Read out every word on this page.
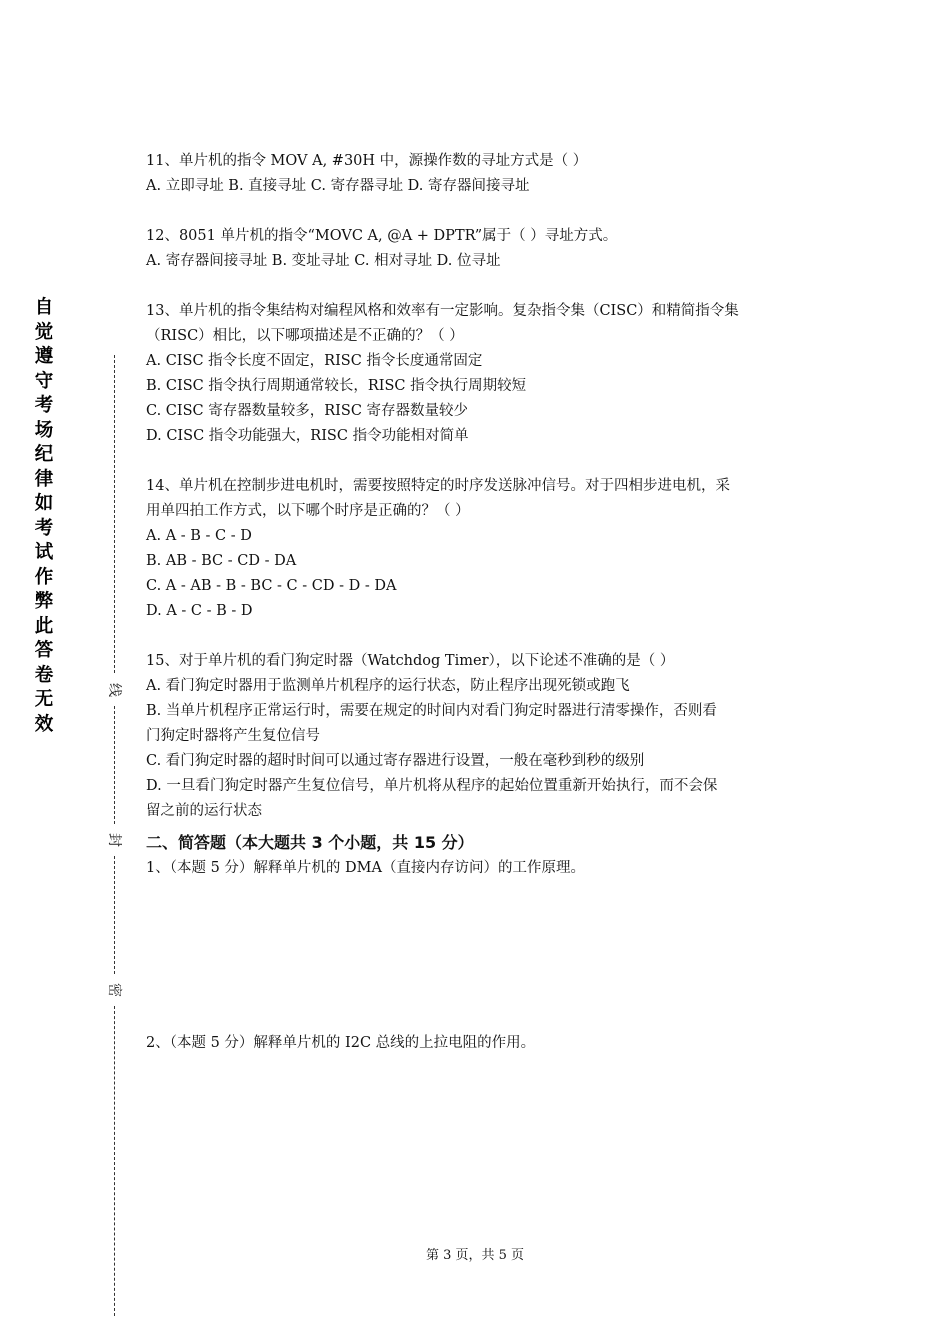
自
觉
遵
守
考
场
纪
律
如
考
试
作
弊
此
答
卷
无
效
线
封
密

11、单片机的指令 MOV A, #30H 中，源操作数的寻址方式是（ ）

A. 立即寻址 B. 直接寻址 C. 寄存器寻址 D. 寄存器间接寻址

12、8051 单片机的指令“MOVC A, @A + DPTR”属于（ ）寻址方式。

A. 寄存器间接寻址 B. 变址寻址 C. 相对寻址 D. 位寻址

13、单片机的指令集结构对编程风格和效率有一定影响。复杂指令集（CISC）和精简指令集

（RISC）相比，以下哪项描述是不正确的？（ ）

A. CISC 指令长度不固定，RISC 指令长度通常固定

B. CISC 指令执行周期通常较长，RISC 指令执行周期较短

C. CISC 寄存器数量较多，RISC 寄存器数量较少

D. CISC 指令功能强大，RISC 指令功能相对简单

14、单片机在控制步进电机时，需要按照特定的时序发送脉冲信号。对于四相步进电机，采

用单四拍工作方式，以下哪个时序是正确的？（ ）

A. A - B - C - D

B. AB - BC - CD - DA

C. A - AB - B - BC - C - CD - D - DA

D. A - C - B - D

15、对于单片机的看门狗定时器（Watchdog Timer），以下论述不准确的是（ ）

A. 看门狗定时器用于监测单片机程序的运行状态，防止程序出现死锁或跑飞

B. 当单片机程序正常运行时，需要在规定的时间内对看门狗定时器进行清零操作，否则看

门狗定时器将产生复位信号

C. 看门狗定时器的超时时间可以通过寄存器进行设置，一般在毫秒到秒的级别

D. 一旦看门狗定时器产生复位信号，单片机将从程序的起始位置重新开始执行，而不会保

留之前的运行状态

二、简答题（本大题共 3 个小题，共 15 分）

1、（本题 5 分）解释单片机的 DMA（直接内存访问）的工作原理。

2、（本题 5 分）解释单片机的 I2C 总线的上拉电阻的作用。

第 3 页，共 5 页
